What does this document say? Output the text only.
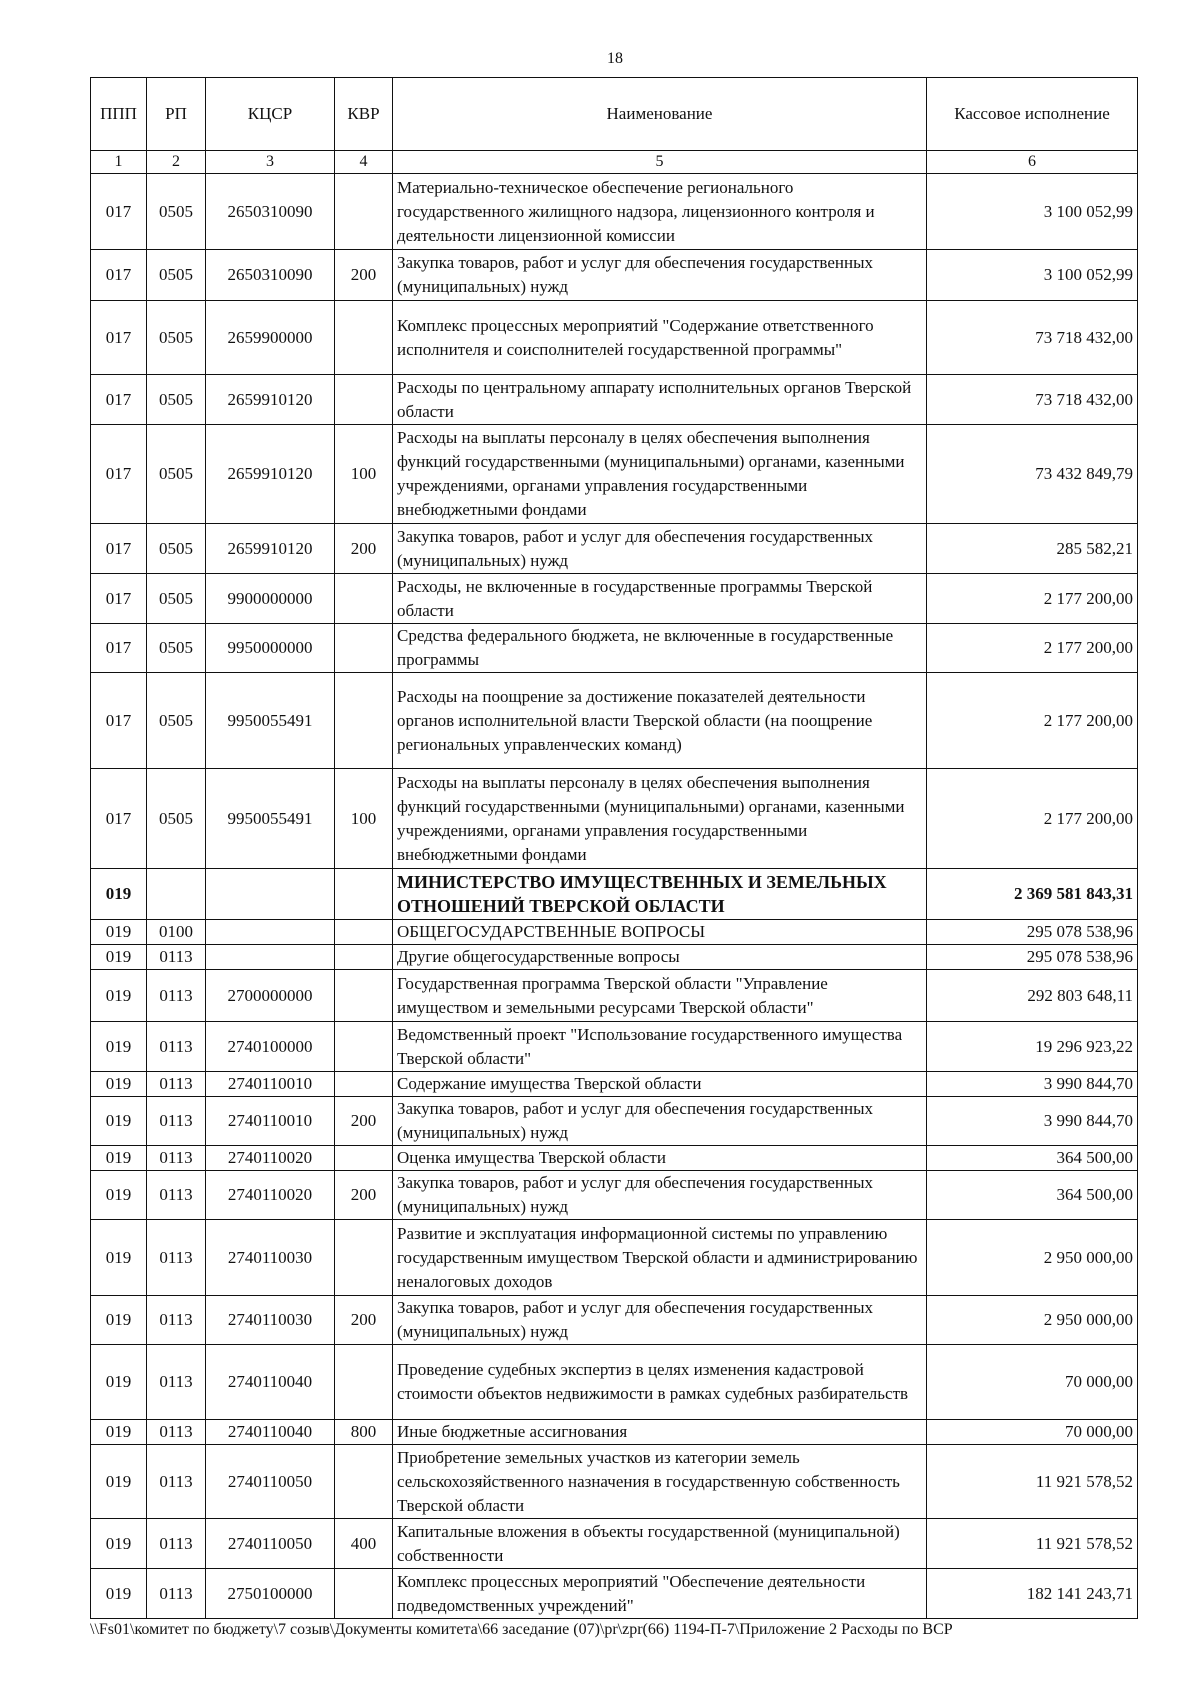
18
ППП	РП	КЦСР	КВР	Наименование	Кассовое исполнение
1	2	3	4	5	6
017	0505	2650310090		Материально-техническое обеспечение регионального государственного жилищного надзора, лицензионного контроля и деятельности лицензионной комиссии	3 100 052,99
017	0505	2650310090	200	Закупка товаров, работ и услуг для обеспечения государственных (муниципальных) нужд	3 100 052,99
017	0505	2659900000		Комплекс процессных мероприятий "Содержание ответственного исполнителя и соисполнителей государственной программы"	73 718 432,00
017	0505	2659910120		Расходы по центральному аппарату исполнительных органов Тверской области	73 718 432,00
017	0505	2659910120	100	Расходы на выплаты персоналу в целях обеспечения выполнения функций государственными (муниципальными) органами, казенными учреждениями, органами управления государственными внебюджетными фондами	73 432 849,79
017	0505	2659910120	200	Закупка товаров, работ и услуг для обеспечения государственных (муниципальных) нужд	285 582,21
017	0505	9900000000		Расходы, не включенные в государственные программы Тверской области	2 177 200,00
017	0505	9950000000		Средства федерального бюджета, не включенные в государственные программы	2 177 200,00
017	0505	9950055491		Расходы на поощрение за достижение показателей деятельности органов исполнительной власти Тверской области (на поощрение региональных управленческих команд)	2 177 200,00
017	0505	9950055491	100	Расходы на выплаты персоналу в целях обеспечения выполнения функций государственными (муниципальными) органами, казенными учреждениями, органами управления государственными внебюджетными фондами	2 177 200,00
019				МИНИСТЕРСТВО ИМУЩЕСТВЕННЫХ И ЗЕМЕЛЬНЫХ ОТНОШЕНИЙ ТВЕРСКОЙ ОБЛАСТИ	2 369 581 843,31
019	0100			ОБЩЕГОСУДАРСТВЕННЫЕ ВОПРОСЫ	295 078 538,96
019	0113			Другие общегосударственные вопросы	295 078 538,96
019	0113	2700000000		Государственная программа Тверской области "Управление имуществом и земельными ресурсами Тверской области"	292 803 648,11
019	0113	2740100000		Ведомственный проект "Использование государственного имущества Тверской области"	19 296 923,22
019	0113	2740110010		Содержание имущества Тверской области	3 990 844,70
019	0113	2740110010	200	Закупка товаров, работ и услуг для обеспечения государственных (муниципальных) нужд	3 990 844,70
019	0113	2740110020		Оценка имущества Тверской области	364 500,00
019	0113	2740110020	200	Закупка товаров, работ и услуг для обеспечения государственных (муниципальных) нужд	364 500,00
019	0113	2740110030		Развитие и эксплуатация информационной системы по управлению государственным имуществом Тверской области и администрированию неналоговых доходов	2 950 000,00
019	0113	2740110030	200	Закупка товаров, работ и услуг для обеспечения государственных (муниципальных) нужд	2 950 000,00
019	0113	2740110040		Проведение судебных экспертиз в целях изменения кадастровой стоимости объектов недвижимости в рамках судебных разбирательств	70 000,00
019	0113	2740110040	800	Иные бюджетные ассигнования	70 000,00
019	0113	2740110050		Приобретение земельных участков из категории земель сельскохозяйственного назначения в государственную собственность Тверской области	11 921 578,52
019	0113	2740110050	400	Капитальные вложения в объекты государственной (муниципальной) собственности	11 921 578,52
019	0113	2750100000		Комплекс процессных мероприятий "Обеспечение деятельности подведомственных учреждений"	182 141 243,71
\\Fs01\комитет по бюджету\7 созыв\Документы комитета\66 заседание (07)\pr\zpr(66) 1194-П-7\Приложение 2 Расходы по ВСР
